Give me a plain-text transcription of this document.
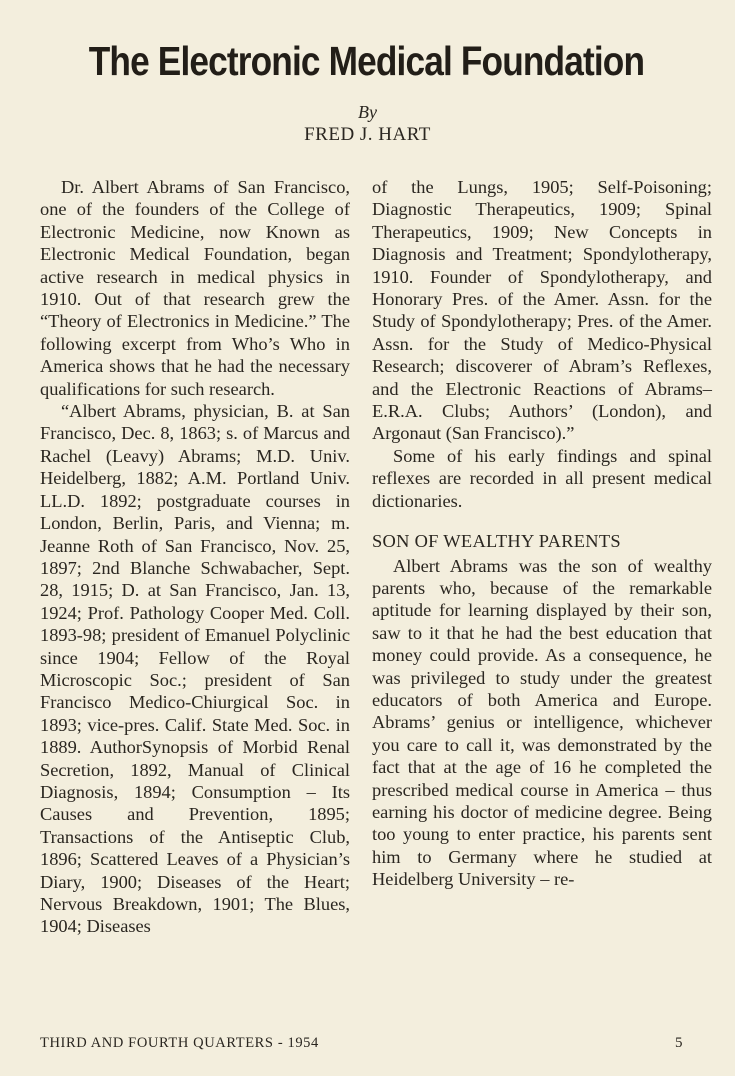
The Electronic Medical Foundation
By
FRED J. HART

Dr. Albert Abrams of San Francisco, one of the founders of the College of Electronic Medicine, now Known as Electronic Medical Foundation, began active research in medical physics in 1910. Out of that research grew the “Theory of Electronics in Medicine.” The following excerpt from Who’s Who in America shows that he had the necessary qualifications for such research.

“Albert Abrams, physician, B. at San Francisco, Dec. 8, 1863; s. of Marcus and Rachel (Leavy) Abrams; M.D. Univ. Heidelberg, 1882; A.M. Portland Univ. LL.D. 1892; postgraduate courses in London, Berlin, Paris, and Vienna; m. Jeanne Roth of San Francisco, Nov. 25, 1897; 2nd Blanche Schwabacher, Sept. 28, 1915; D. at San Francisco, Jan. 13, 1924; Prof. Pathology Cooper Med. Coll. 1893-98; president of Emanuel Polyclinic since 1904; Fellow of the Royal Microscopic Soc.; president of San Francisco Medico-Chiurgical Soc. in 1893; vice-pres. Calif. State Med. Soc. in 1889. AuthorSynopsis of Morbid Renal Secretion, 1892, Manual of Clinical Diagnosis, 1894; Consumption – Its Causes and Prevention, 1895; Transactions of the Antiseptic Club, 1896; Scattered Leaves of a Physician’s Diary, 1900; Diseases of the Heart; Nervous Breakdown, 1901; The Blues, 1904; Diseases

of the Lungs, 1905; Self-Poisoning; Diagnostic Therapeutics, 1909; Spinal Therapeutics, 1909; New Concepts in Diagnosis and Treatment; Spondylotherapy, 1910. Founder of Spondylotherapy, and Honorary Pres. of the Amer. Assn. for the Study of Spondylotherapy; Pres. of the Amer. Assn. for the Study of Medico-Physical Research; discoverer of Abram’s Reflexes, and the Electronic Reactions of Abrams–E.R.A. Clubs; Authors’ (London), and Argonaut (San Francisco).”

Some of his early findings and spinal reflexes are recorded in all present medical dictionaries.

SON OF WEALTHY PARENTS

Albert Abrams was the son of wealthy parents who, because of the remarkable aptitude for learning displayed by their son, saw to it that he had the best education that money could provide. As a consequence, he was privileged to study under the greatest educators of both America and Europe. Abrams’ genius or intelligence, whichever you care to call it, was demonstrated by the fact that at the age of 16 he completed the prescribed medical course in America – thus earning his doctor of medicine degree. Being too young to enter practice, his parents sent him to Germany where he studied at Heidelberg University – re-

THIRD AND FOURTH QUARTERS - 1954	5
